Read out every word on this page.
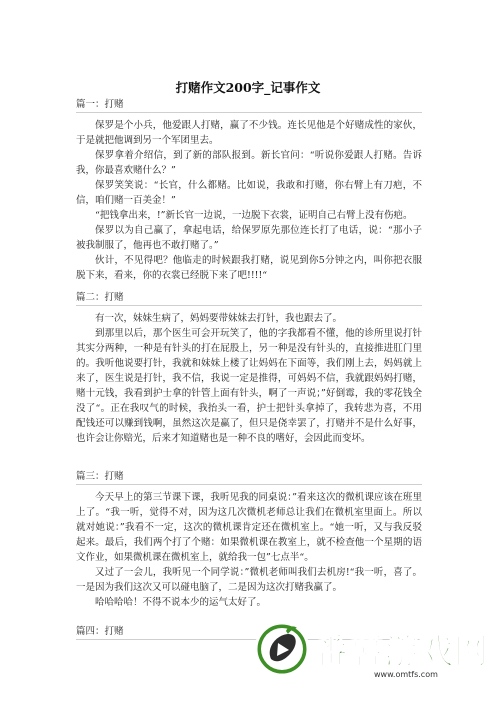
打赌作文200字_记事作文
篇一：打赌

保罗是个小兵，他爱跟人打赌，赢了不少钱。连长见他是个好赌成性的家伙，于是就把他调到另一个军团里去。

保罗拿着介绍信，到了新的部队报到。新长官问：“听说你爱跟人打赌。告诉我，你最喜欢赌什么？”

保罗笑笑说：“长官，什么都赌。比如说，我敢和打赌，你右臂上有刀疤，不信，咱们赌一百美金！”

“把钱拿出来，!”新长官一边说，一边脱下衣裳，证明自己右臂上没有伤疤。

保罗以为自己赢了，拿起电话，给保罗原先那位连长打了电话，说：“那小子被我制服了，他再也不敢打赌了。”

伙计，不见得吧？他临走的时候跟我打赌，说见到你5分钟之内，叫你把衣服脱下来，看来，你的衣裳已经脱下来了吧!!!!“

篇二：打赌

有一次，妹妹生病了，妈妈要带妹妹去打针，我也跟去了。

到那里以后，那个医生可会开玩笑了，他的字我都看不懂，他的诊所里说打针其实分两种，一种是有针头的打在屁股上，另一种是没有针头的，直接推进肛门里的。我听他说要打针，我就和妹妹上楼了让妈妈在下面等，我们刚上去，妈妈就上来了，医生说是打针，我不信，我说一定是推得，可妈妈不信，我就跟妈妈打赌，赌十元钱，我看到护士拿的针管上面有针头，啊了一声说；”好倒霉，我的零花钱全没了“。正在我叹气的时候，我抬头一看，护士把针头拿掉了，我转悲为喜，不用配钱还可以赚到钱啊，虽然这次是赢了，但只是侥幸罢了，打赌并不是什么好事，也许会让你赔光，后来才知道赌也是一种不良的嗜好，会因此而变坏。

篇三：打赌

今天早上的第三节课下课，我听见我的同桌说：”看来这次的微机课应该在班里上了。“我一听，觉得不对，因为这几次微机老师总让我们在微机室里面上。所以就对她说：”我看不一定，这次的微机课肯定还在微机室上。“她一听，又与我反驳起来。最后，我们两个打了个赌：如果微机课在教室上，就不检查他一个星期的语文作业，如果微机课在微机室上，就给我一包”七点半“。

又过了一会儿，我听见一个同学说：”微机老师叫我们去机房!“我一听，喜了。一是因为我们这次又可以碰电脑了，二是因为这次打赌我赢了。

哈哈哈哈！不得不说本少的运气太好了。

篇四：打赌
番薯游戏网
www.omtfs.com
